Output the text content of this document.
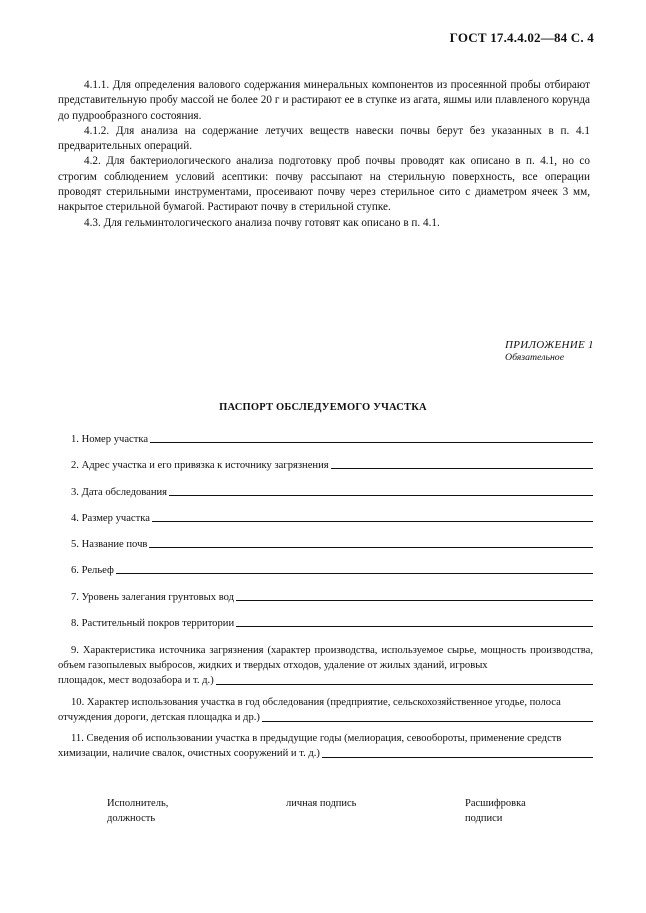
ГОСТ 17.4.4.02—84 С. 4

4.1.1. Для определения валового содержания минеральных компонентов из просеянной пробы отбирают представительную пробу массой не более 20 г и растирают ее в ступке из агата, яшмы или плавленого корунда до пудрообразного состояния.

4.1.2. Для анализа на содержание летучих веществ навески почвы берут без указанных в п. 4.1 предварительных операций.

4.2. Для бактериологического анализа подготовку проб почвы проводят как описано в п. 4.1, но со строгим соблюдением условий асептики: почву рассыпают на стерильную поверхность, все операции проводят стерильными инструментами, просеивают почву через стерильное сито с диаметром ячеек 3 мм, накрытое стерильной бумагой. Растирают почву в стерильной ступке.

4.3. Для гельминтологического анализа почву готовят как описано в п. 4.1.

ПРИЛОЖЕНИЕ 1
Обязательное
ПАСПОРТ ОБСЛЕДУЕМОГО УЧАСТКА
1. Номер участка
2. Адрес участка и его привязка к источнику загрязнения
3. Дата обследования
4. Размер участка
5. Название почв
6. Рельеф
7. Уровень залегания грунтовых вод
8. Растительный покров территории
9. Характеристика источника загрязнения (характер производства, используемое сырье, мощность производства, объем газопылевых выбросов, жидких и твердых отходов, удаление от жилых зданий, игровых
площадок, мест водозабора и т. д.)
10. Характер использования участка в год обследования (предприятие, сельскохозяйственное угодье, полоса
отчуждения дороги, детская площадка и др.)
11. Сведения об использовании участка в предыдущие годы (мелиорация, севообороты, применение средств
химизации, наличие свалок, очистных сооружений и т. д.)
Исполнитель,
должность
личная подпись	Расшифровка
подписи
